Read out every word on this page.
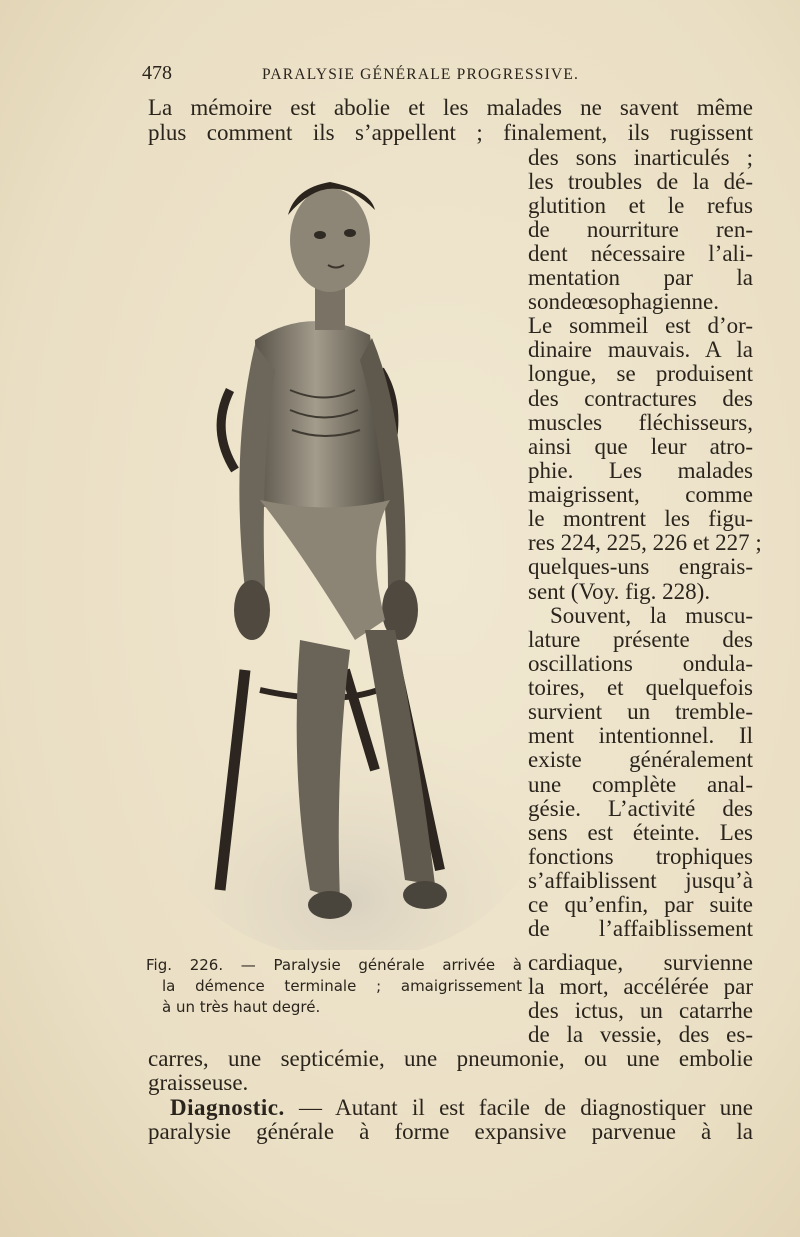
478	PARALYSIE GÉNÉRALE PROGRESSIVE.
La mémoire est abolie et les malades ne savent même
plus comment ils s’appellent ; finalement, ils rugissent
des sons inarticulés ;
les troubles de la dé-
glutition et le refus
de nourriture ren-
dent nécessaire l’ali-
mentation par la
sondeœsophagienne.
Le sommeil est d’or-
dinaire mauvais. A la
longue, se produisent
des contractures des
muscles fléchisseurs,
ainsi que leur atro-
phie. Les malades
maigrissent, comme
le montrent les figu-
res 224, 225, 226 et 227 ;
quelques-uns engrais-
sent (Voy. fig. 228).
Souvent, la muscu-
lature présente des
oscillations ondula-
toires, et quelquefois
survient un tremble-
ment intentionnel. Il
existe généralement
une complète anal-
gésie. L’activité des
sens est éteinte. Les
fonctions trophiques
s’affaiblissent jusqu’à
ce qu’enfin, par suite
de l’affaiblissement
cardiaque, survienne
la mort, accélérée par
des ictus, un catarrhe
de la vessie, des es-
carres, une septicémie, une pneumonie, ou une embolie
graisseuse.
Diagnostic. — Autant il est facile de diagnostiquer une
paralysie générale à forme expansive parvenue à la
Fig. 226. — Paralysie générale arrivée à
la démence terminale ; amaigrissement
à un très haut degré.
